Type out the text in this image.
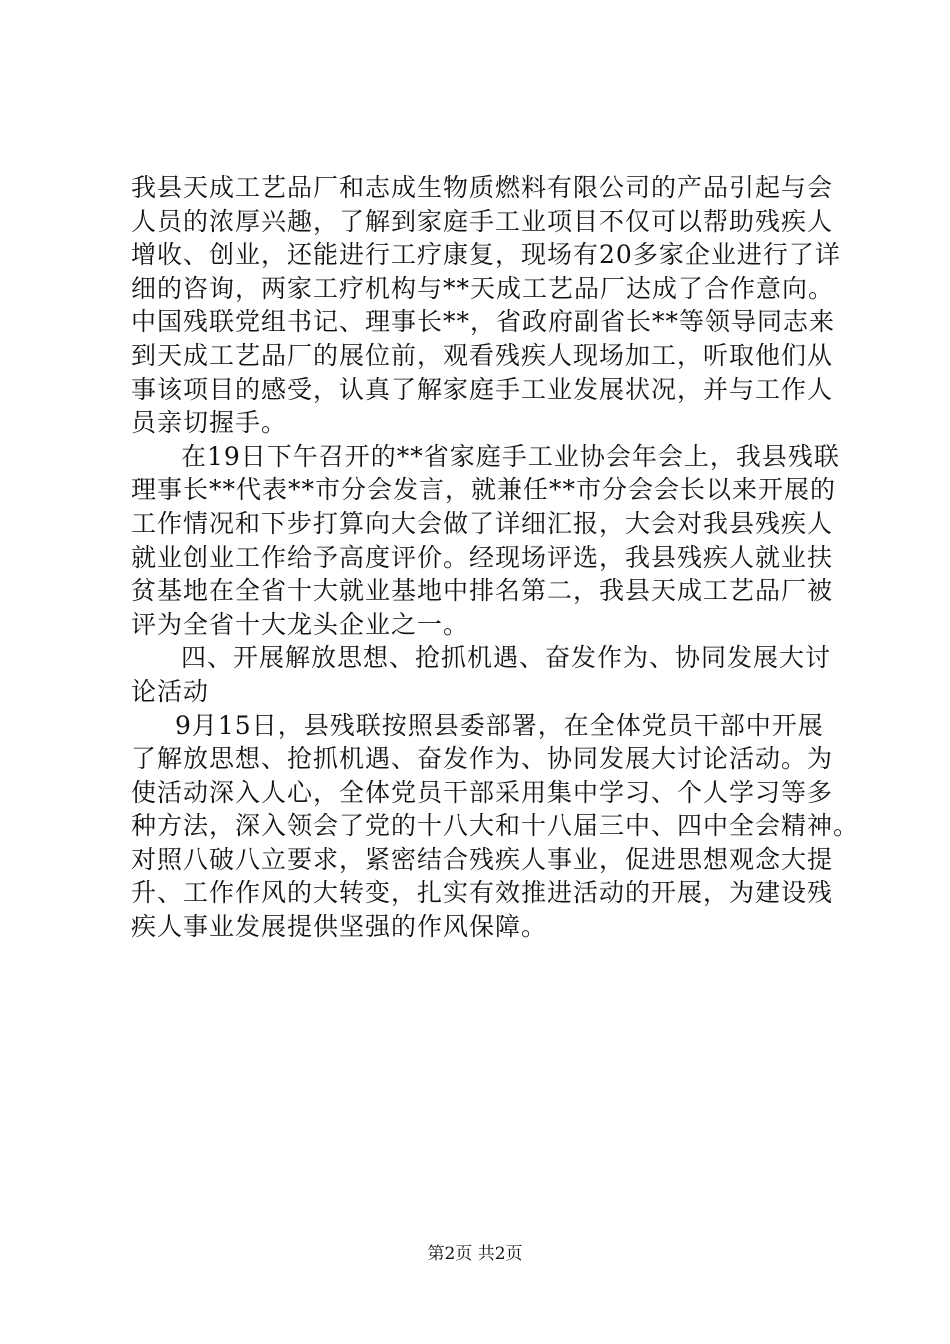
我县天成工艺品厂和志成生物质燃料有限公司的产品引起与会
人员的浓厚兴趣，了解到家庭手工业项目不仅可以帮助残疾人
增收、创业，还能进行工疗康复，现场有20多家企业进行了详
细的咨询，两家工疗机构与**天成工艺品厂达成了合作意向。
中国残联党组书记、理事长**，省政府副省长**等领导同志来
到天成工艺品厂的展位前，观看残疾人现场加工，听取他们从
事该项目的感受，认真了解家庭手工业发展状况，并与工作人
员亲切握手。
在19日下午召开的**省家庭手工业协会年会上，我县残联
理事长**代表**市分会发言，就兼任**市分会会长以来开展的
工作情况和下步打算向大会做了详细汇报，大会对我县残疾人
就业创业工作给予高度评价。经现场评选，我县残疾人就业扶
贫基地在全省十大就业基地中排名第二，我县天成工艺品厂被
评为全省十大龙头企业之一。
四、开展解放思想、抢抓机遇、奋发作为、协同发展大讨
论活动
9月15日，县残联按照县委部署，在全体党员干部中开展
了解放思想、抢抓机遇、奋发作为、协同发展大讨论活动。为
使活动深入人心，全体党员干部采用集中学习、个人学习等多
种方法，深入领会了党的十八大和十八届三中、四中全会精神。
对照八破八立要求，紧密结合残疾人事业，促进思想观念大提
升、工作作风的大转变，扎实有效推进活动的开展，为建设残
疾人事业发展提供坚强的作风保障。
第2页 共2页
